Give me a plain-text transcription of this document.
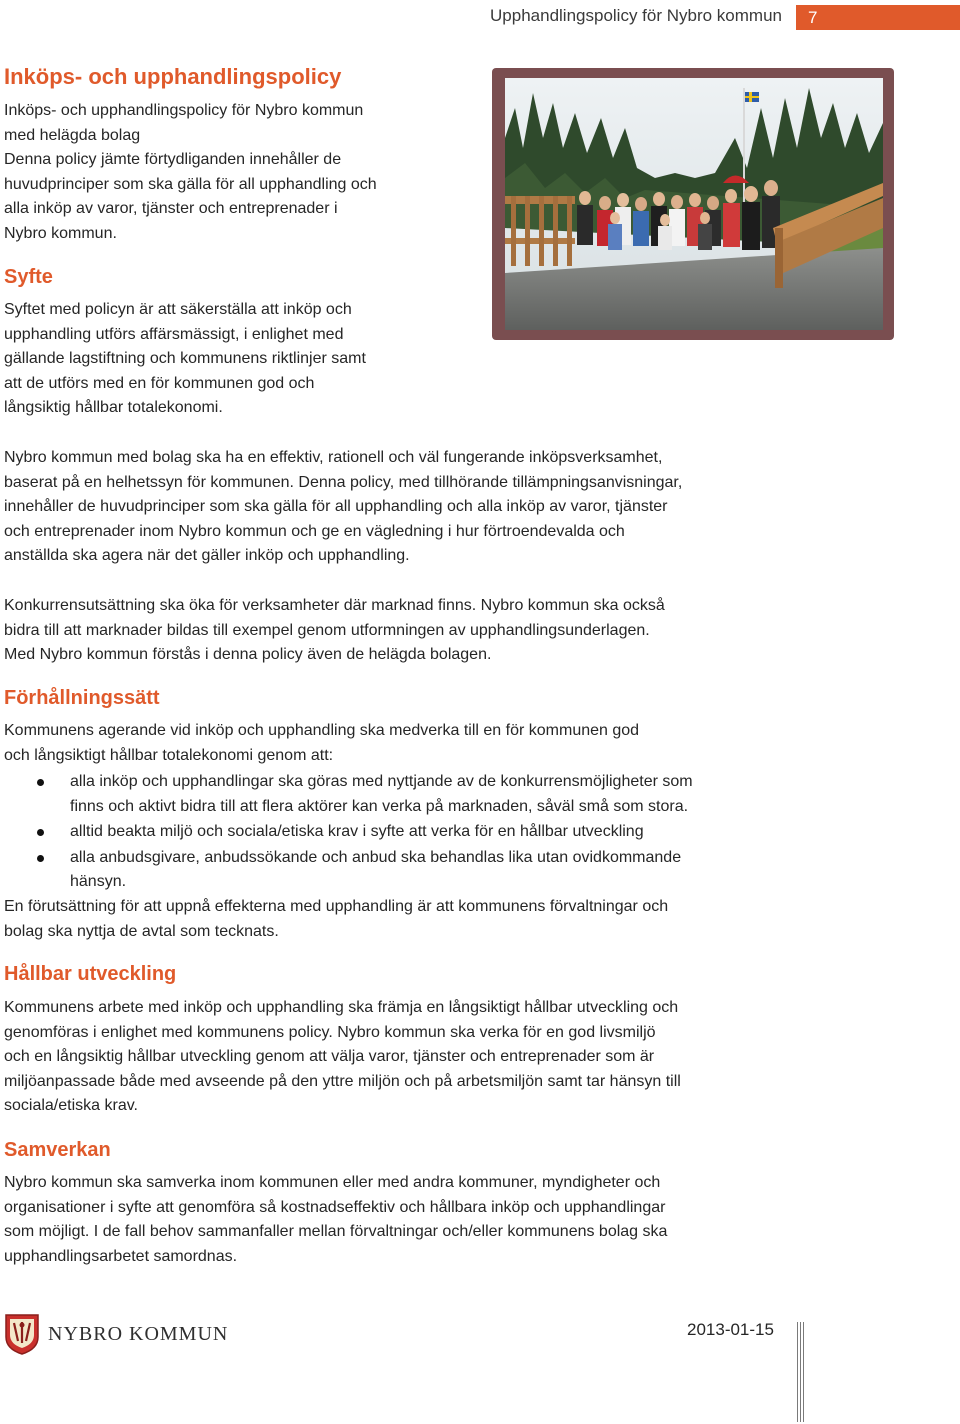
Upphandlingspolicy för Nybro kommun	7
Inköps- och upphandlingspolicy
Inköps- och upphandlingspolicy för Nybro kommun
med helägda bolag
Denna policy jämte förtydliganden innehåller de
huvudprinciper som ska gälla för all upphandling och
alla inköp av varor, tjänster och entreprenader i
Nybro kommun.
Syfte
Syftet med policyn är att säkerställa att inköp och
upphandling utförs affärsmässigt, i enlighet med
gällande lagstiftning och kommunens riktlinjer samt
att de utförs med en för kommunen god och
långsiktig hållbar totalekonomi.
Nybro kommun med bolag ska ha en effektiv, rationell och väl fungerande inköpsverksamhet,
baserat på en helhetssyn för kommunen. Denna policy, med tillhörande tillämpningsanvisningar,
innehåller de huvudprinciper som ska gälla för all upphandling och alla inköp av varor, tjänster
och entreprenader inom Nybro kommun och ge en vägledning i hur förtroendevalda och
anställda ska agera när det gäller inköp och upphandling.
Konkurrensutsättning ska öka för verksamheter där marknad finns. Nybro kommun ska också
bidra till att marknader bildas till exempel genom utformningen av upphandlingsunderlagen.
Med Nybro kommun förstås i denna policy även de helägda bolagen.
Förhållningssätt
Kommunens agerande vid inköp och upphandling ska medverka till en för kommunen god
och långsiktigt hållbar totalekonomi genom att:
alla inköp och upphandlingar ska göras med nyttjande av de konkurrensmöjligheter som
finns och aktivt bidra till att flera aktörer kan verka på marknaden, såväl små som stora.
alltid beakta miljö och sociala/etiska krav i syfte att verka för en hållbar utveckling
alla anbudsgivare, anbudssökande och anbud ska behandlas lika utan ovidkommande
hänsyn.
En förutsättning för att uppnå effekterna med upphandling är att kommunens förvaltningar och
bolag ska nyttja de avtal som tecknats.
Hållbar utveckling
Kommunens arbete med inköp och upphandling ska främja en långsiktigt hållbar utveckling och
genomföras i enlighet med kommunens policy. Nybro kommun ska verka för en god livsmiljö
och en långsiktig hållbar utveckling genom att välja varor, tjänster och entreprenader som är
miljöanpassade både med avseende på den yttre miljön och på arbetsmiljön samt tar hänsyn till
sociala/etiska krav.
Samverkan
Nybro kommun ska samverka inom kommunen eller med andra kommuner, myndigheter och
organisationer i syfte att genomföra så kostnadseffektiv och hållbara inköp och upphandlingar
som möjligt. I de fall behov sammanfaller mellan förvaltningar och/eller kommunens bolag ska
upphandlingsarbetet samordnas.
NYBRO KOMMUN	2013-01-15
